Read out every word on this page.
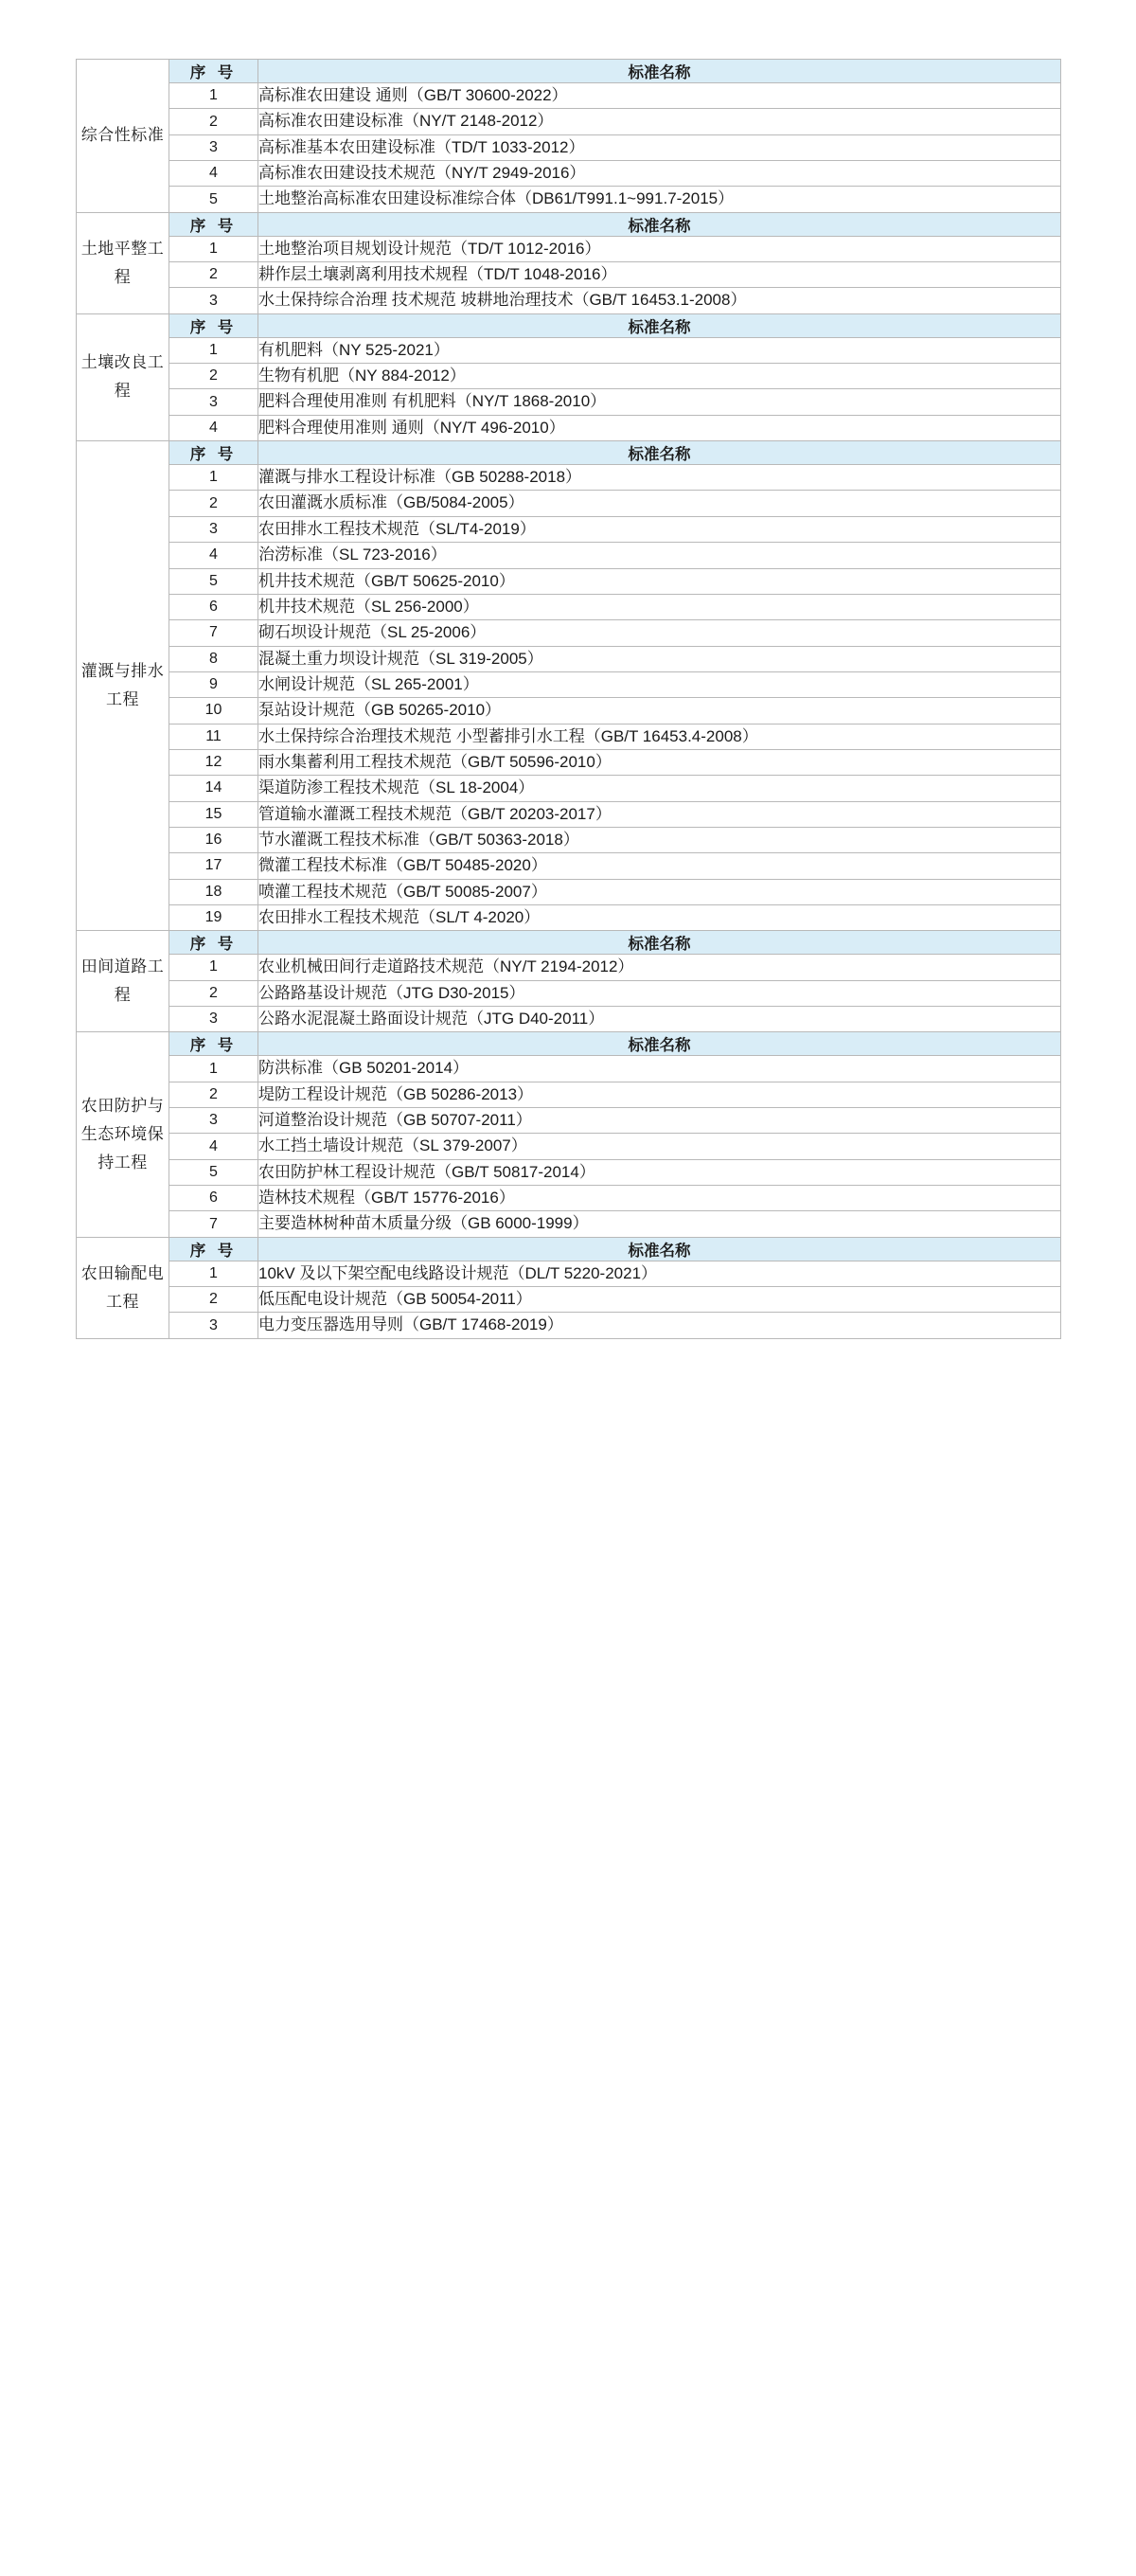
综合性标准	序 号	标准名称
	1	高标准农田建设 通则（GB/T 30600-2022）
	2	高标准农田建设标准（NY/T 2148-2012）
	3	高标准基本农田建设标准（TD/T 1033-2012）
	4	高标准农田建设技术规范（NY/T 2949-2016）
	5	土地整治高标准农田建设标准综合体（DB61/T991.1~991.7-2015）
土地平整工程	序 号	标准名称
	1	土地整治项目规划设计规范（TD/T 1012-2016）
	2	耕作层土壤剥离利用技术规程（TD/T 1048-2016）
	3	水土保持综合治理 技术规范 坡耕地治理技术（GB/T 16453.1-2008）
土壤改良工程	序 号	标准名称
	1	有机肥料（NY 525-2021）
	2	生物有机肥（NY 884-2012）
	3	肥料合理使用准则 有机肥料（NY/T 1868-2010）
	4	肥料合理使用准则 通则（NY/T 496-2010）
灌溉与排水工程	序 号	标准名称
	1	灌溉与排水工程设计标准（GB 50288-2018）
	2	农田灌溉水质标准（GB/5084-2005）
	3	农田排水工程技术规范（SL/T4-2019）
	4	治涝标准（SL 723-2016）
	5	机井技术规范（GB/T 50625-2010）
	6	机井技术规范（SL 256-2000）
	7	砌石坝设计规范（SL 25-2006）
	8	混凝土重力坝设计规范（SL 319-2005）
	9	水闸设计规范（SL 265-2001）
	10	泵站设计规范（GB 50265-2010）
	11	水土保持综合治理技术规范 小型蓄排引水工程（GB/T 16453.4-2008）
	12	雨水集蓄利用工程技术规范（GB/T 50596-2010）
	14	渠道防渗工程技术规范（SL 18-2004）
	15	管道输水灌溉工程技术规范（GB/T 20203-2017）
	16	节水灌溉工程技术标准（GB/T 50363-2018）
	17	微灌工程技术标准（GB/T 50485-2020）
	18	喷灌工程技术规范（GB/T 50085-2007）
	19	农田排水工程技术规范（SL/T 4-2020）
田间道路工程	序 号	标准名称
	1	农业机械田间行走道路技术规范（NY/T 2194-2012）
	2	公路路基设计规范（JTG D30-2015）
	3	公路水泥混凝土路面设计规范（JTG D40-2011）
农田防护与生态环境保持工程	序 号	标准名称
	1	防洪标准（GB 50201-2014）
	2	堤防工程设计规范（GB 50286-2013）
	3	河道整治设计规范（GB 50707-2011）
	4	水工挡土墙设计规范（SL 379-2007）
	5	农田防护林工程设计规范（GB/T 50817-2014）
	6	造林技术规程（GB/T 15776-2016）
	7	主要造林树种苗木质量分级（GB 6000-1999）
农田输配电工程	序 号	标准名称
	1	10kV 及以下架空配电线路设计规范（DL/T 5220-2021）
	2	低压配电设计规范（GB 50054-2011）
	3	电力变压器选用导则（GB/T 17468-2019）
